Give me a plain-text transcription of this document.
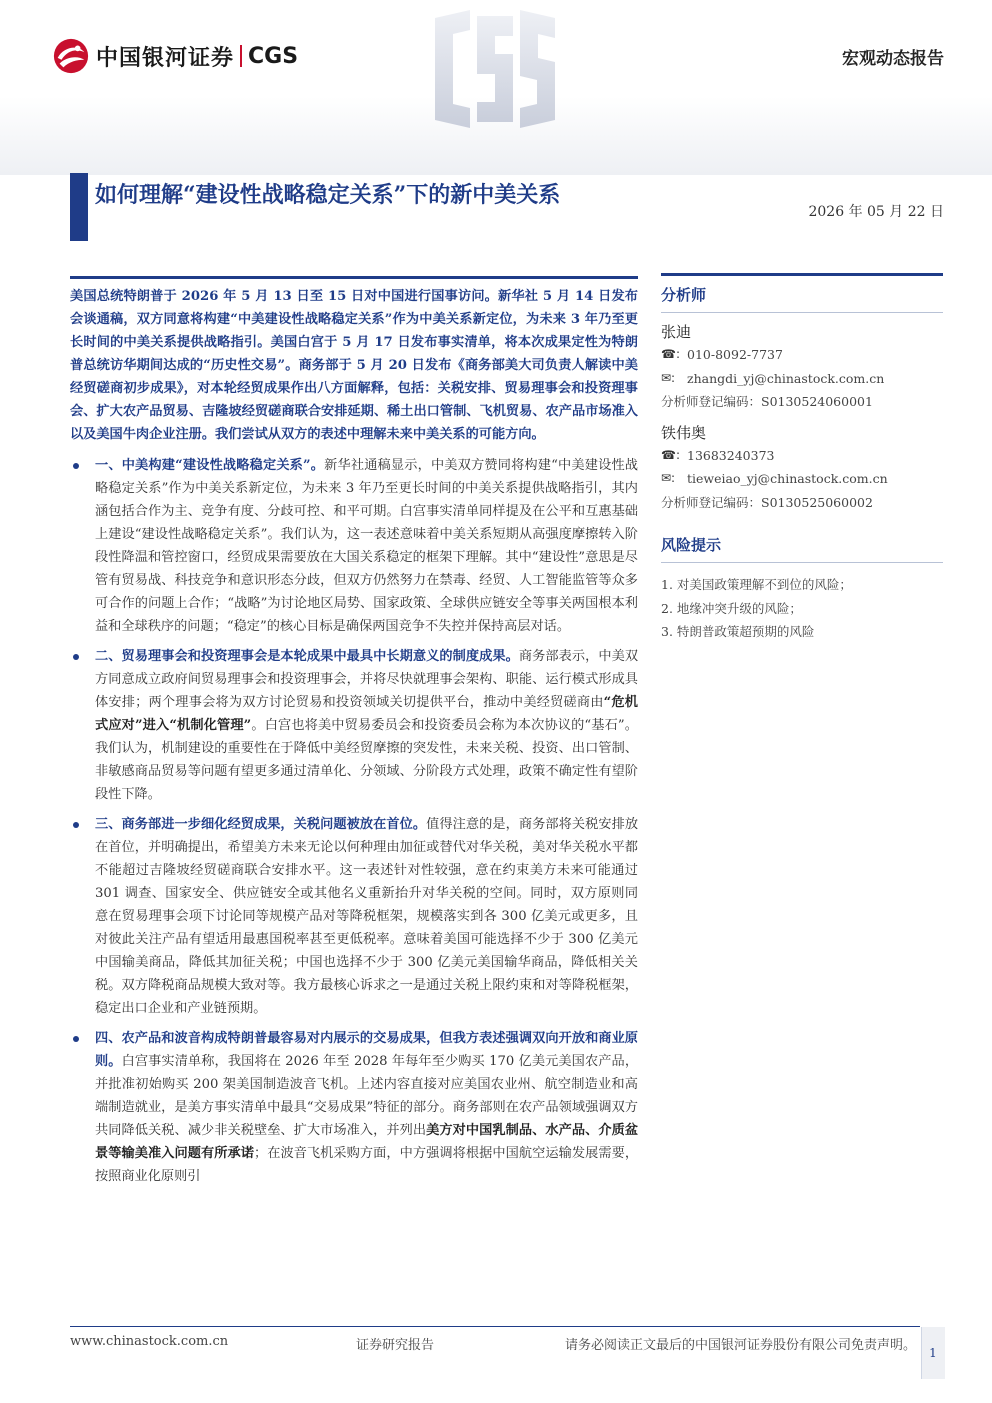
中国银河证券 CGS	宏观动态报告
如何理解“建设性战略稳定关系”下的新中美关系
2026 年 05 月 22 日

美国总统特朗普于 2026 年 5 月 13 日至 15 日对中国进行国事访问。新华社 5 月 14 日发布会谈通稿，双方同意将构建“中美建设性战略稳定关系”作为中美关系新定位，为未来 3 年乃至更长时间的中美关系提供战略指引。美国白宫于 5 月 17 日发布事实清单，将本次成果定性为特朗普总统访华期间达成的“历史性交易”。商务部于 5 月 20 日发布《商务部美大司负责人解读中美经贸磋商初步成果》，对本轮经贸成果作出八方面解释，包括：关税安排、贸易理事会和投资理事会、扩大农产品贸易、吉隆坡经贸磋商联合安排延期、稀土出口管制、飞机贸易、农产品市场准入以及美国牛肉企业注册。我们尝试从双方的表述中理解未来中美关系的可能方向。

一、中美构建“建设性战略稳定关系”。新华社通稿显示，中美双方赞同将构建“中美建设性战略稳定关系”作为中美关系新定位，为未来 3 年乃至更长时间的中美关系提供战略指引，其内涵包括合作为主、竞争有度、分歧可控、和平可期。白宫事实清单同样提及在公平和互惠基础上建设“建设性战略稳定关系”。我们认为，这一表述意味着中美关系短期从高强度摩擦转入阶段性降温和管控窗口，经贸成果需要放在大国关系稳定的框架下理解。其中“建设性”意思是尽管有贸易战、科技竞争和意识形态分歧，但双方仍然努力在禁毒、经贸、人工智能监管等众多可合作的问题上合作；“战略”为讨论地区局势、国家政策、全球供应链安全等事关两国根本利益和全球秩序的问题；“稳定”的核心目标是确保两国竞争不失控并保持高层对话。
二、贸易理事会和投资理事会是本轮成果中最具中长期意义的制度成果。商务部表示，中美双方同意成立政府间贸易理事会和投资理事会，并将尽快就理事会架构、职能、运行模式形成具体安排；两个理事会将为双方讨论贸易和投资领域关切提供平台，推动中美经贸磋商由“危机式应对”进入“机制化管理”。白宫也将美中贸易委员会和投资委员会称为本次协议的“基石”。我们认为，机制建设的重要性在于降低中美经贸摩擦的突发性，未来关税、投资、出口管制、非敏感商品贸易等问题有望更多通过清单化、分领域、分阶段方式处理，政策不确定性有望阶段性下降。
三、商务部进一步细化经贸成果，关税问题被放在首位。值得注意的是，商务部将关税安排放在首位，并明确提出，希望美方未来无论以何种理由加征或替代对华关税，美对华关税水平都不能超过吉隆坡经贸磋商联合安排水平。这一表述针对性较强，意在约束美方未来可能通过 301 调查、国家安全、供应链安全或其他名义重新抬升对华关税的空间。同时，双方原则同意在贸易理事会项下讨论同等规模产品对等降税框架，规模落实到各 300 亿美元或更多，且对彼此关注产品有望适用最惠国税率甚至更低税率。意味着美国可能选择不少于 300 亿美元中国输美商品，降低其加征关税；中国也选择不少于 300 亿美元美国输华商品，降低相关关税。双方降税商品规模大致对等。我方最核心诉求之一是通过关税上限约束和对等降税框架，稳定出口企业和产业链预期。
四、农产品和波音构成特朗普最容易对内展示的交易成果，但我方表述强调双向开放和商业原则。白宫事实清单称，我国将在 2026 年至 2028 年每年至少购买 170 亿美元美国农产品，并批准初始购买 200 架美国制造波音飞机。上述内容直接对应美国农业州、航空制造业和高端制造就业，是美方事实清单中最具“交易成果”特征的部分。商务部则在农产品领域强调双方共同降低关税、减少非关税壁垒、扩大市场准入，并列出美方对中国乳制品、水产品、介质盆景等输美准入问题有所承诺；在波音飞机采购方面，中方强调将根据中国航空运输发展需要，按照商业化原则引
分析师
张迪
☎: 010-8092-7737
✉: zhangdi_yj@chinastock.com.cn
分析师登记编码：S0130524060001
铁伟奥
☎: 13683240373
✉: tieweiao_yj@chinastock.com.cn
分析师登记编码：S0130525060002
风险提示
1. 对美国政策理解不到位的风险；
2. 地缘冲突升级的风险；
3. 特朗普政策超预期的风险
www.chinastock.com.cn	证券研究报告	请务必阅读正文最后的中国银河证券股份有限公司免责声明。	1
